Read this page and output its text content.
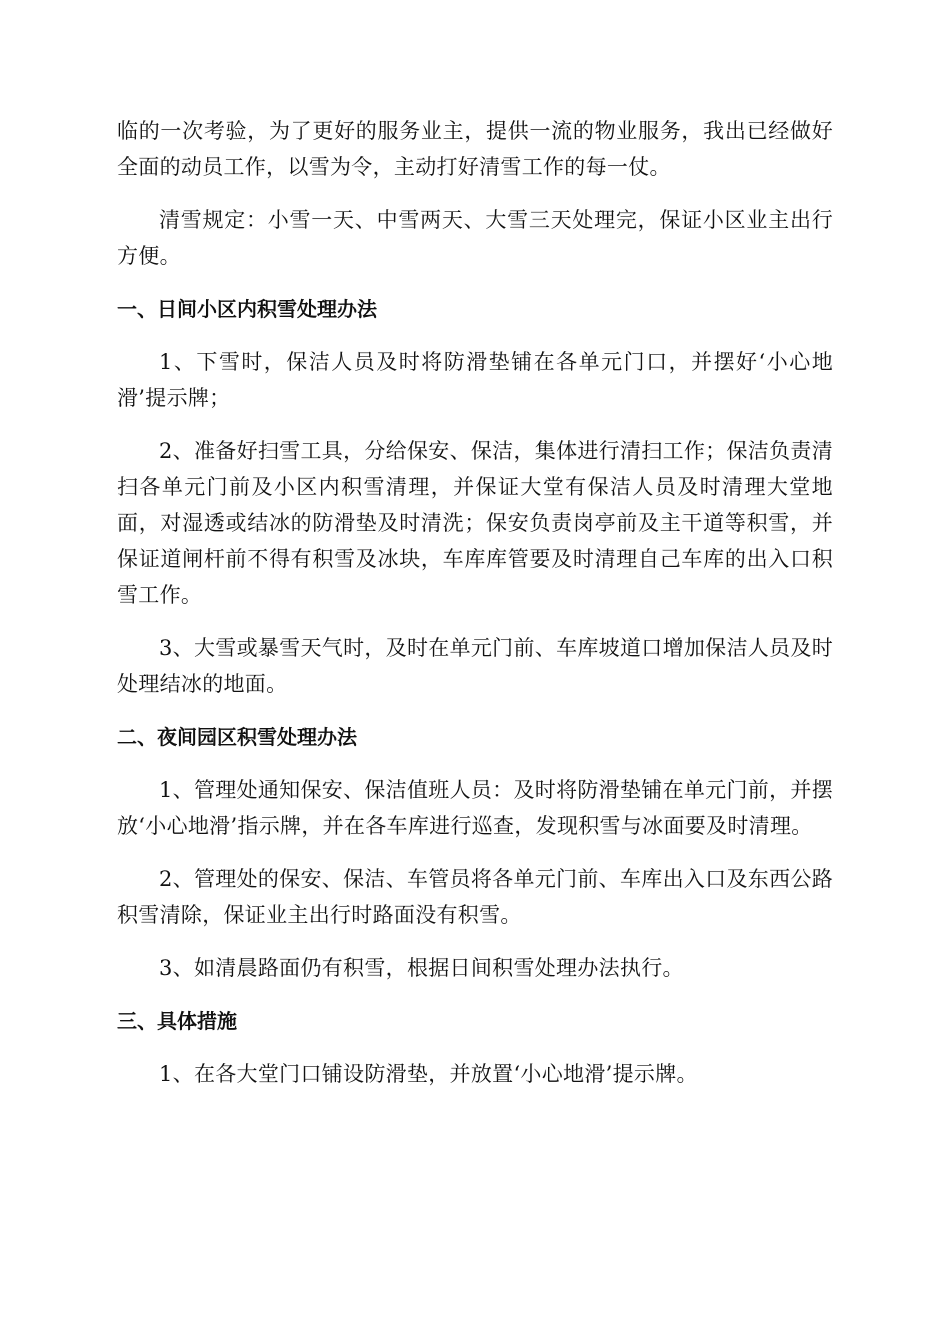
临的一次考验，为了更好的服务业主，提供一流的物业服务，我出已经做好全面的动员工作，以雪为令，主动打好清雪工作的每一仗。

清雪规定：小雪一天、中雪两天、大雪三天处理完，保证小区业主出行方便。

一、日间小区内积雪处理办法

1、下雪时，保洁人员及时将防滑垫铺在各单元门口，并摆好‘小心地滑’提示牌；

2、准备好扫雪工具，分给保安、保洁，集体进行清扫工作；保洁负责清扫各单元门前及小区内积雪清理，并保证大堂有保洁人员及时清理大堂地面，对湿透或结冰的防滑垫及时清洗；保安负责岗亭前及主干道等积雪，并保证道闸杆前不得有积雪及冰块，车库库管要及时清理自己车库的出入口积雪工作。

3、大雪或暴雪天气时，及时在单元门前、车库坡道口增加保洁人员及时处理结冰的地面。

二、夜间园区积雪处理办法

1、管理处通知保安、保洁值班人员：及时将防滑垫铺在单元门前，并摆放‘小心地滑’指示牌，并在各车库进行巡查，发现积雪与冰面要及时清理。

2、管理处的保安、保洁、车管员将各单元门前、车库出入口及东西公路积雪清除，保证业主出行时路面没有积雪。

3、如清晨路面仍有积雪，根据日间积雪处理办法执行。

三、具体措施

1、在各大堂门口铺设防滑垫，并放置‘小心地滑’提示牌。
